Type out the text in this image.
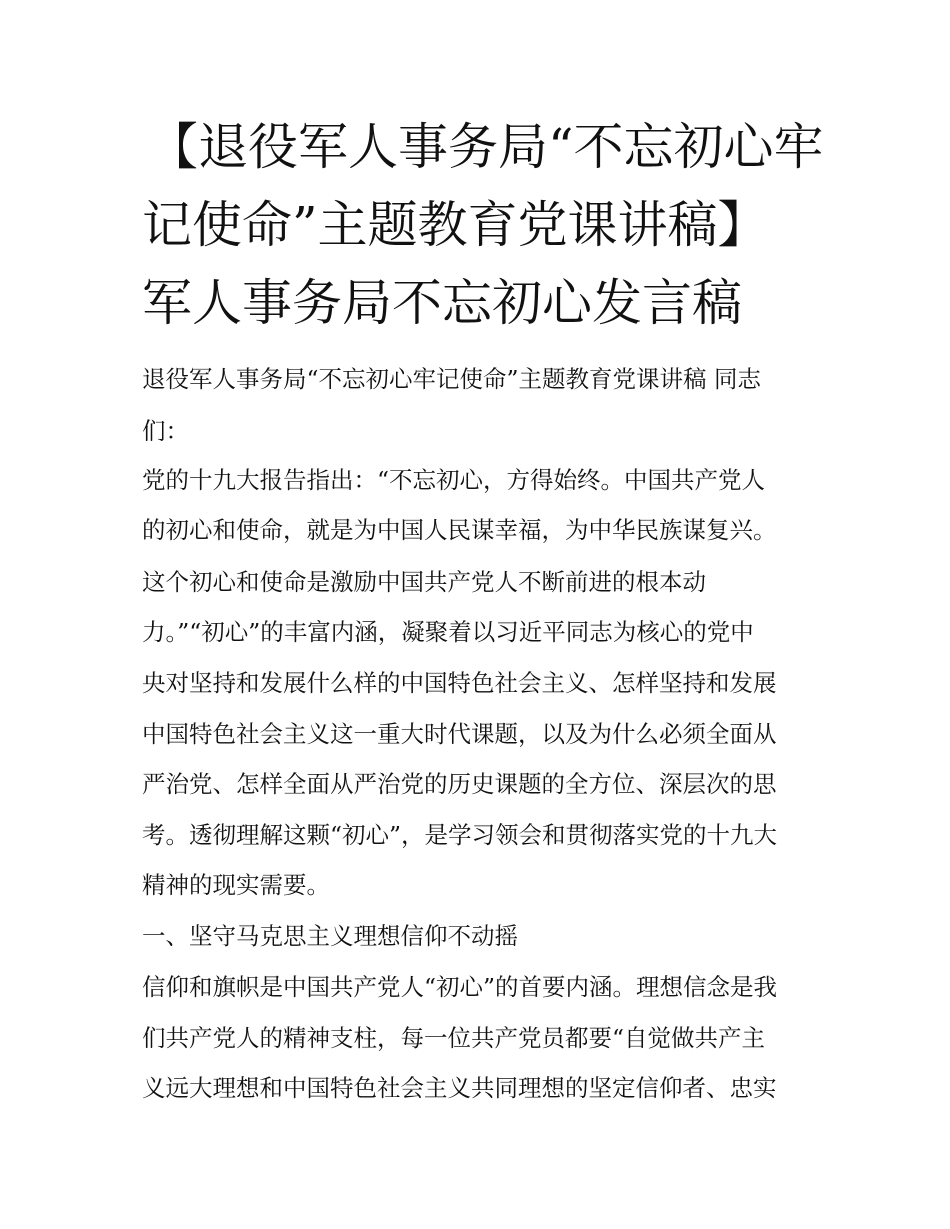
【退役军人事务局“不忘初心牢
记使命”主题教育党课讲稿】
军人事务局不忘初心发言稿
退役军人事务局“不忘初心牢记使命”主题教育党课讲稿 同志
们：
党的十九大报告指出：“不忘初心，方得始终。中国共产党人
的初心和使命，就是为中国人民谋幸福，为中华民族谋复兴。
这个初心和使命是激励中国共产党人不断前进的根本动
力。”“初心”的丰富内涵，凝聚着以习近平同志为核心的党中
央对坚持和发展什么样的中国特色社会主义、怎样坚持和发展
中国特色社会主义这一重大时代课题，以及为什么必须全面从
严治党、怎样全面从严治党的历史课题的全方位、深层次的思
考。透彻理解这颗“初心”，是学习领会和贯彻落实党的十九大
精神的现实需要。
一、坚守马克思主义理想信仰不动摇
信仰和旗帜是中国共产党人“初心”的首要内涵。理想信念是我
们共产党人的精神支柱，每一位共产党员都要“自觉做共产主
义远大理想和中国特色社会主义共同理想的坚定信仰者、忠实
